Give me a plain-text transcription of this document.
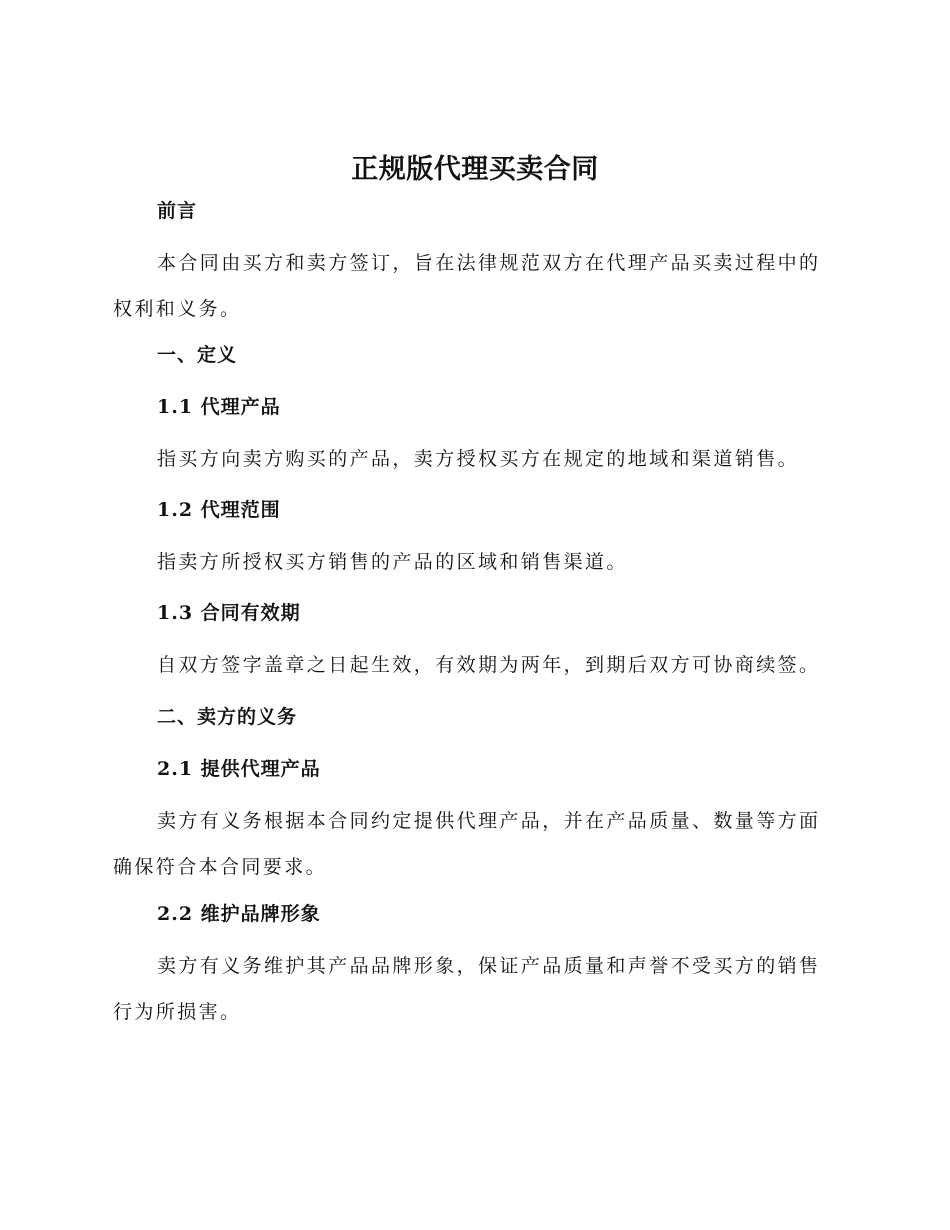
正规版代理买卖合同
前言
本合同由买方和卖方签订，旨在法律规范双方在代理产品买卖过程中的权利和义务。
一、定义
1.1 代理产品
指买方向卖方购买的产品，卖方授权买方在规定的地域和渠道销售。
1.2 代理范围
指卖方所授权买方销售的产品的区域和销售渠道。
1.3 合同有效期
自双方签字盖章之日起生效，有效期为两年，到期后双方可协商续签。
二、卖方的义务
2.1 提供代理产品
卖方有义务根据本合同约定提供代理产品，并在产品质量、数量等方面确保符合本合同要求。
2.2 维护品牌形象
卖方有义务维护其产品品牌形象，保证产品质量和声誉不受买方的销售行为所损害。
